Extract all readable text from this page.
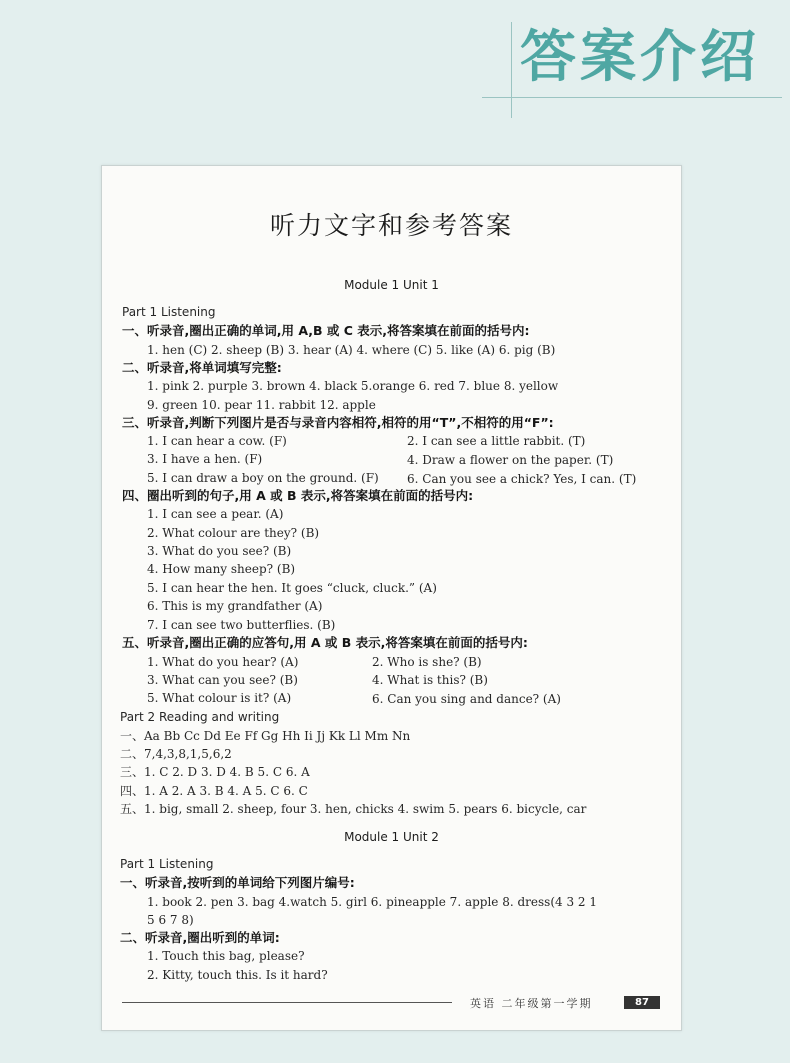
答案介绍
听力文字和参考答案
Module 1 Unit 1
Part 1 Listening
一、听录音,圈出正确的单词,用 A,B 或 C 表示,将答案填在前面的括号内:
1. hen (C) 2. sheep (B) 3. hear (A) 4. where (C) 5. like (A) 6. pig (B)
二、听录音,将单词填写完整:
1. pink 2. purple 3. brown 4. black 5.orange 6. red 7. blue 8. yellow
9. green 10. pear 11. rabbit 12. apple
三、听录音,判断下列图片是否与录音内容相符,相符的用“T”,不相符的用“F”:
1. I can hear a cow. (F)	2. I can see a little rabbit. (T)
3. I have a hen. (F)	4. Draw a flower on the paper. (T)
5. I can draw a boy on the ground. (F) 6. Can you see a chick? Yes, I can. (T)
四、圈出听到的句子,用 A 或 B 表示,将答案填在前面的括号内:
1. I can see a pear. (A)
2. What colour are they? (B)
3. What do you see? (B)
4. How many sheep? (B)
5. I can hear the hen. It goes “cluck, cluck.” (A)
6. This is my grandfather (A)
7. I can see two butterflies. (B)
五、听录音,圈出正确的应答句,用 A 或 B 表示,将答案填在前面的括号内:
1. What do you hear? (A)	2. Who is she? (B)
3. What can you see? (B)	4. What is this? (B)
5. What colour is it? (A)	6. Can you sing and dance? (A)
Part 2 Reading and writing
一、Aa Bb Cc Dd Ee Ff Gg Hh Ii Jj Kk Ll Mm Nn
二、7,4,3,8,1,5,6,2
三、1. C 2. D 3. D 4. B 5. C 6. A
四、1. A 2. A 3. B 4. A 5. C 6. C
五、1. big, small 2. sheep, four 3. hen, chicks 4. swim 5. pears 6. bicycle, car
Module 1 Unit 2
Part 1 Listening
一、听录音,按听到的单词给下列图片编号:
1. book 2. pen 3. bag 4.watch 5. girl 6. pineapple 7. apple 8. dress(4 3 2 1
5 6 7 8)
二、听录音,圈出听到的单词:
1. Touch this bag, please?
2. Kitty, touch this. Is it hard?
英语 二年级第一学期	87
